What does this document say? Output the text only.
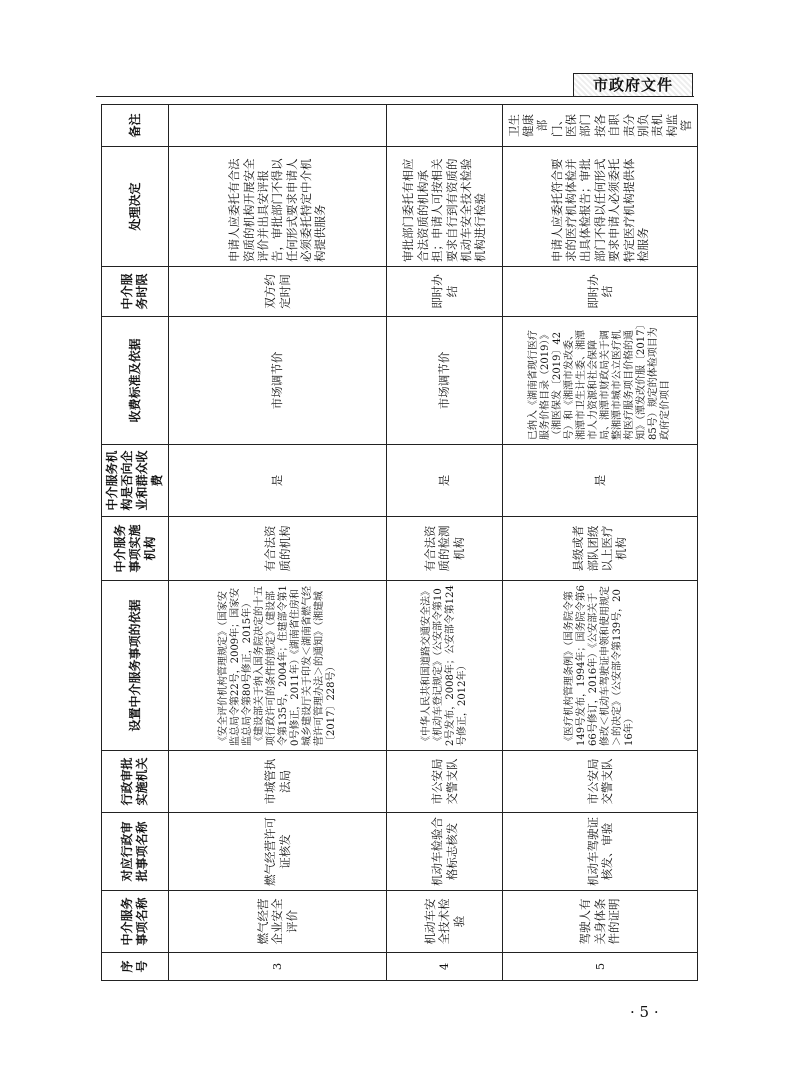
市政府文件
序号	中介服务事项名称	对应行政审批事项名称	行政审批实施机关	设置中介服务事项的依据	中介服务事项实施机构	中介服务机构是否向企业和群众收费	收费标准及依据	中介服务时限	处理决定	备注
3	燃气经营企业安全评价	燃气经营许可证核发	市城管执法局	《安全评价机构管理规定》（国家安监总局令第22号，2009年；国家安监总局令第80号修正，2015年）《建设部关于纳入国务院决定的十五项行政许可的条件的规定》（建设部令第135号，2004年；住建部令第10号修正，2011年）《湖南省住房和城乡建设厅关于印发＜湖南省燃气经营许可管理办法＞的通知》（湘建城〔2017〕228号）	有合法资质的机构	是	市场调节价	双方约定时间	申请人应委托有合法资质的机构开展安全评价并出具安评报告，审批部门不得以任何形式要求申请人必须委托特定中介机构提供服务	
4	机动车安全技术检验	机动车检验合格标志核发	市公安局交警支队	《中华人民共和国道路交通安全法》《机动车登记规定》（公安部令第102号发布，2008年；公安部令第124号修正，2012年）	有合法资质的检测机构	是	市场调节价	即时办结	审批部门委托有相应合法资质的机构承担；申请人可按相关要求自行到有资质的机动车安全技术检验机构进行检验	
5	驾驶人有关身体条件的证明	机动车驾驶证核发、审验	市公安局交警支队	《医疗机构管理条例》（国务院令第149号发布，1994年；国务院令第666号修订，2016年）《公安部关于修改＜机动车驾驶证申领和使用规定＞的决定》（公安部令第139号，2016年）	县级或者部队团级以上医疗机构	是	已纳入《湖南省现行医疗服务价格目录（2019）》（湘医保发〔2019〕42号）和《湘潭市发改委、湘潭市卫生计生委、湘潭市人力资源和社会保障局、湘潭市财政局关于调整湘潭市城市公立医疗机构医疗服务项目价格的通知》（潭发改价服〔2017〕85号）规定的体检项目为政府定价项目	即时办结	申请人应委托符合要求的医疗机构体检并出具体检报告；审批部门不得以任何形式要求申请人必须委托特定医疗机构提供体检服务	卫生健康部门、医保部门按各自职责分别负责机构监管
· 5 ·
